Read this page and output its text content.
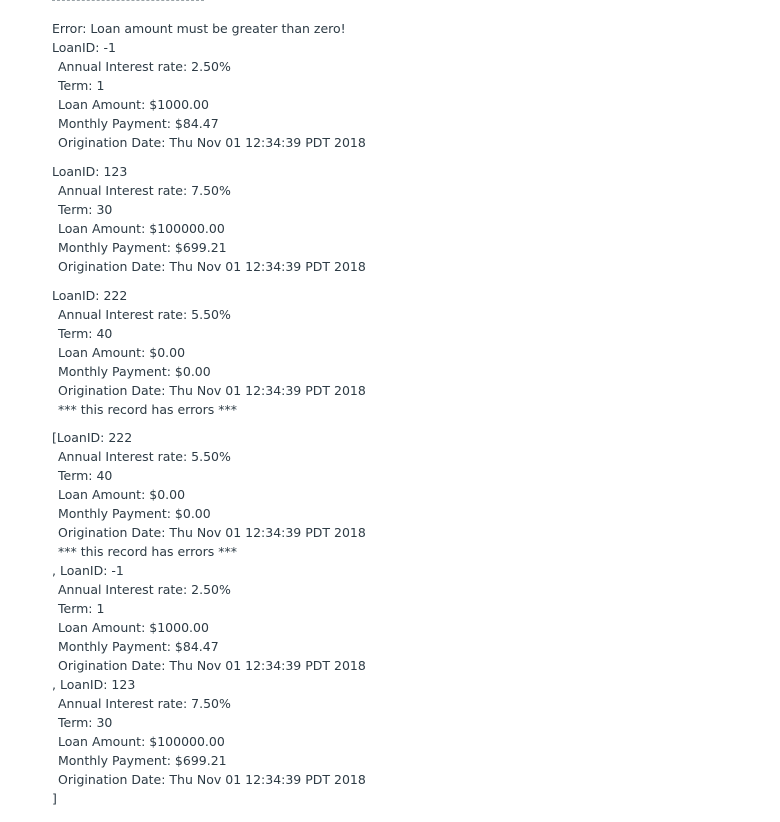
Error: Loan amount must be greater than zero!
LoanID: -1
Annual Interest rate: 2.50%
Term: 1
Loan Amount: $1000.00
Monthly Payment: $84.47
Origination Date: Thu Nov 01 12:34:39 PDT 2018
LoanID: 123
Annual Interest rate: 7.50%
Term: 30
Loan Amount: $100000.00
Monthly Payment: $699.21
Origination Date: Thu Nov 01 12:34:39 PDT 2018
LoanID: 222
Annual Interest rate: 5.50%
Term: 40
Loan Amount: $0.00
Monthly Payment: $0.00
Origination Date: Thu Nov 01 12:34:39 PDT 2018
*** this record has errors ***
[LoanID: 222
Annual Interest rate: 5.50%
Term: 40
Loan Amount: $0.00
Monthly Payment: $0.00
Origination Date: Thu Nov 01 12:34:39 PDT 2018
*** this record has errors ***
, LoanID: -1
Annual Interest rate: 2.50%
Term: 1
Loan Amount: $1000.00
Monthly Payment: $84.47
Origination Date: Thu Nov 01 12:34:39 PDT 2018
, LoanID: 123
Annual Interest rate: 7.50%
Term: 30
Loan Amount: $100000.00
Monthly Payment: $699.21
Origination Date: Thu Nov 01 12:34:39 PDT 2018
]
